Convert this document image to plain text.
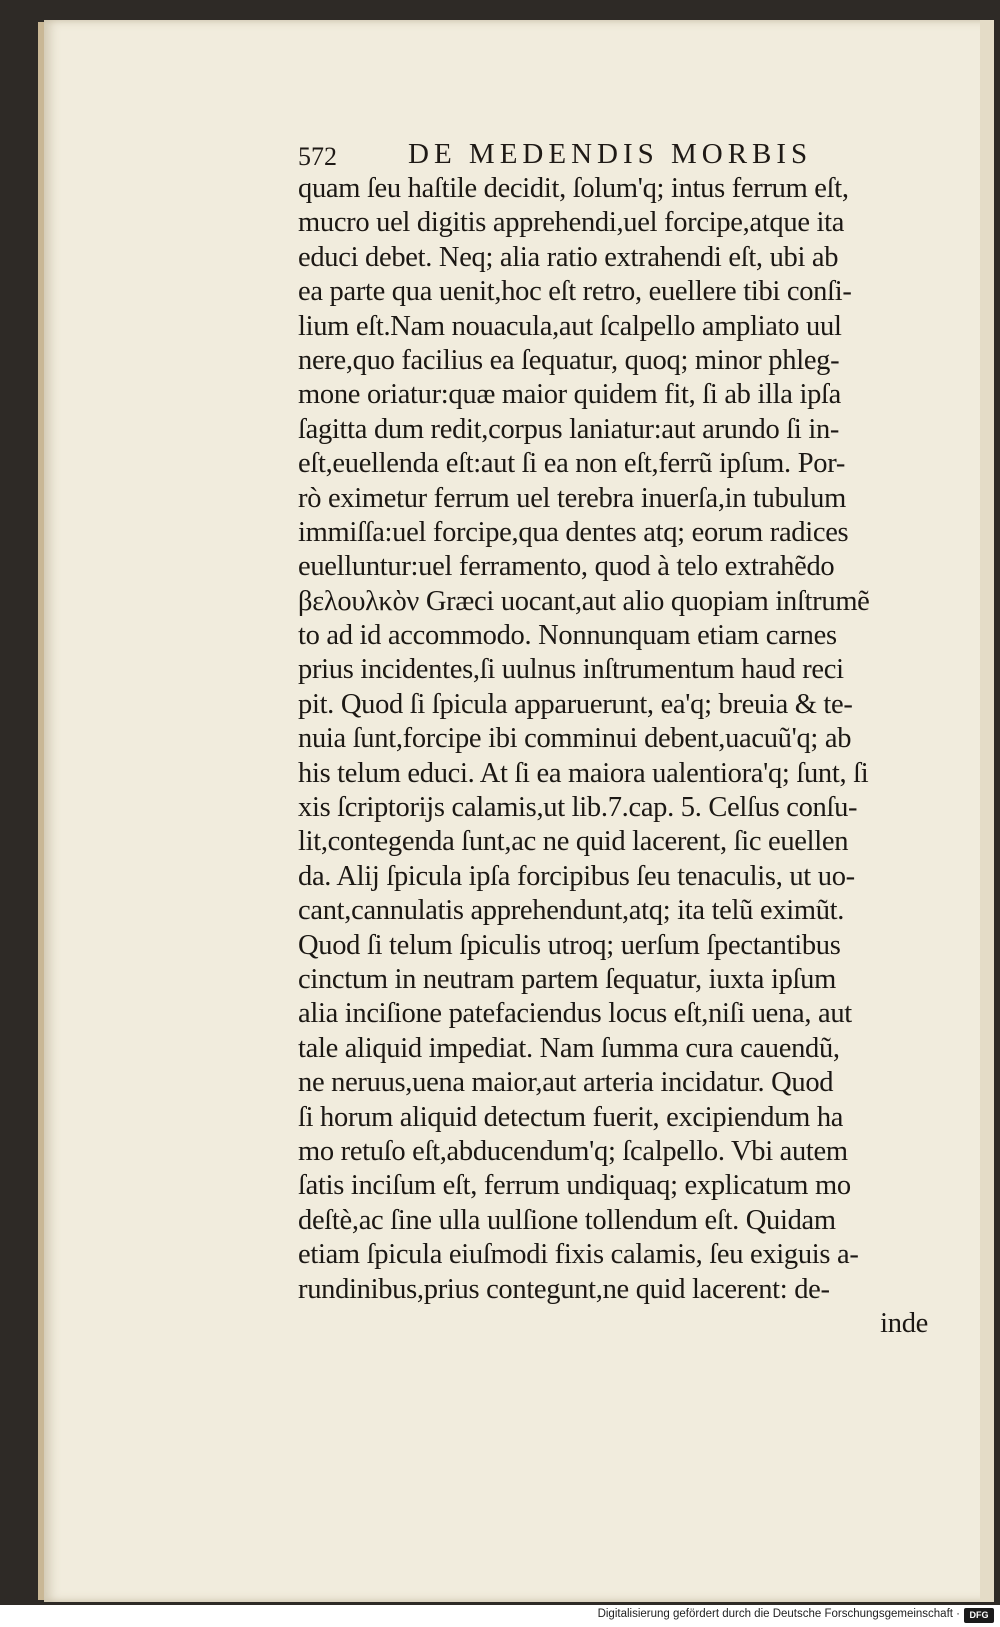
572 DE MEDENDIS MORBIS
quam ſeu haſtile decidit, ſolum'q; intus ferrum eſt,
mucro uel digitis apprehendi,uel forcipe,atque ita
educi debet. Neq; alia ratio extrahendi eſt, ubi ab
ea parte qua uenit,hoc eſt retro, euellere tibi conſi-
lium eſt.Nam nouacula,aut ſcalpello ampliato uul
nere,quo facilius ea ſequatur, quoq; minor phleg-
mone oriatur:quæ maior quidem fit, ſi ab illa ipſa
ſagitta dum redit,corpus laniatur:aut arundo ſi in-
eſt,euellenda eſt:aut ſi ea non eſt,ferrũ ipſum. Por-
rò eximetur ferrum uel terebra inuerſa,in tubulum
immiſſa:uel forcipe,qua dentes atq; eorum radices
euelluntur:uel ferramento, quod à telo extrahẽdo
βελουλκὸν Græci uocant,aut alio quopiam inſtrumẽ
to ad id accommodo. Nonnunquam etiam carnes
prius incidentes,ſi uulnus inſtrumentum haud reci
pit. Quod ſi ſpicula apparuerunt, ea'q; breuia & te-
nuia ſunt,forcipe ibi comminui debent,uacuũ'q; ab
his telum educi. At ſi ea maiora ualentiora'q; ſunt, ſi
xis ſcriptorijs calamis,ut lib.7.cap. 5. Celſus conſu-
lit,contegenda ſunt,ac ne quid lacerent, ſic euellen
da. Alij ſpicula ipſa forcipibus ſeu tenaculis, ut uo-
cant,cannulatis apprehendunt,atq; ita telũ eximũt.
Quod ſi telum ſpiculis utroq; uerſum ſpectantibus
cinctum in neutram partem ſequatur, iuxta ipſum
alia inciſione patefaciendus locus eſt,niſi uena, aut
tale aliquid impediat. Nam ſumma cura cauendũ,
ne neruus,uena maior,aut arteria incidatur. Quod
ſi horum aliquid detectum fuerit, excipiendum ha
mo retuſo eſt,abducendum'q; ſcalpello. Vbi autem
ſatis inciſum eſt, ferrum undiquaq; explicatum mo
deſtè,ac ſine ulla uulſione tollendum eſt. Quidam
etiam ſpicula eiuſmodi fixis calamis, ſeu exiguis a-
rundinibus,prius contegunt,ne quid lacerent: de-
inde
Digitalisierung gefördert durch die Deutsche Forschungsgemeinschaft ·	DFG
